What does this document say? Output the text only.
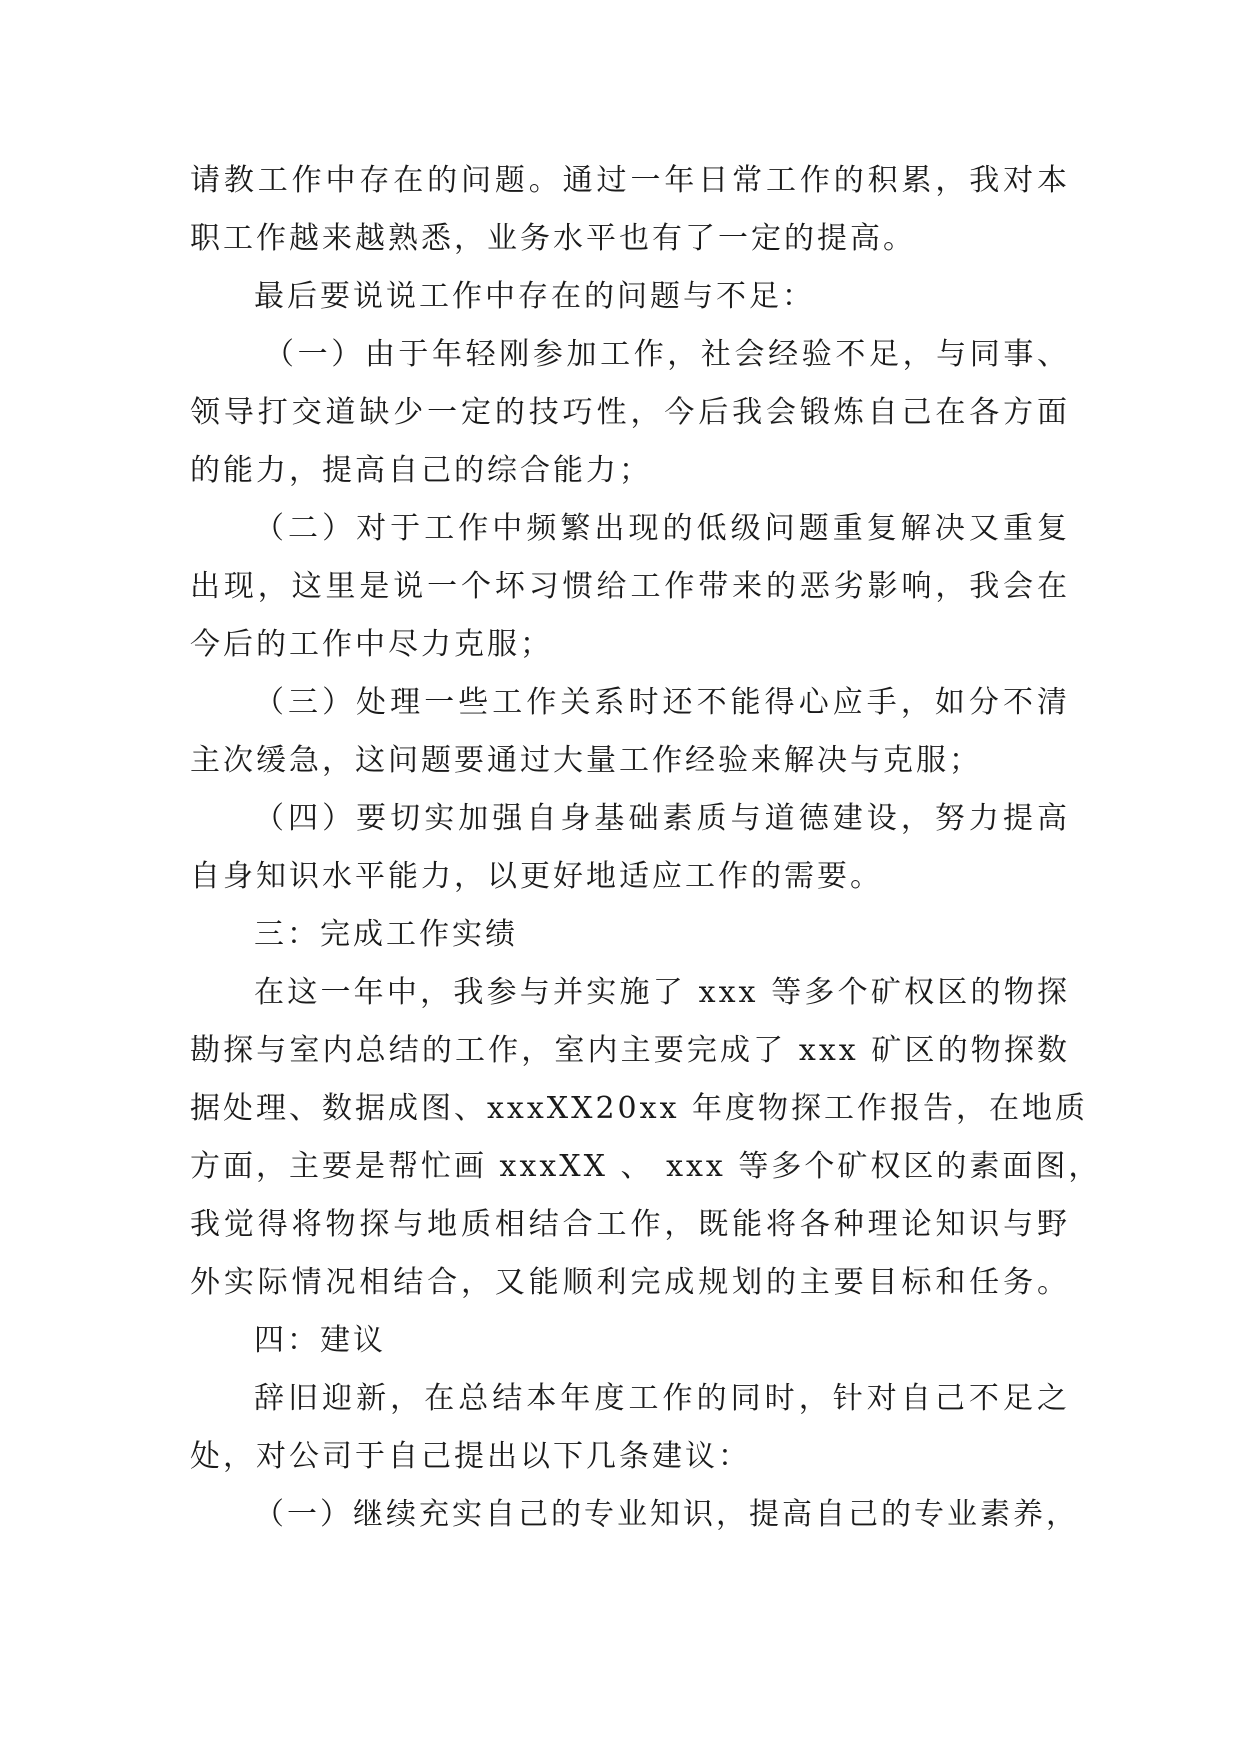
请教工作中存在的问题。通过一年日常工作的积累，我对本
职工作越来越熟悉，业务水平也有了一定的提高。
最后要说说工作中存在的问题与不足：
（一）由于年轻刚参加工作，社会经验不足，与同事、
领导打交道缺少一定的技巧性，今后我会锻炼自己在各方面
的能力，提高自己的综合能力；
（二）对于工作中频繁出现的低级问题重复解决又重复
出现，这里是说一个坏习惯给工作带来的恶劣影响，我会在
今后的工作中尽力克服；
（三）处理一些工作关系时还不能得心应手，如分不清
主次缓急，这问题要通过大量工作经验来解决与克服；
（四）要切实加强自身基础素质与道德建设，努力提高
自身知识水平能力，以更好地适应工作的需要。
三：完成工作实绩
在这一年中，我参与并实施了 xxx 等多个矿权区的物探
勘探与室内总结的工作，室内主要完成了 xxx 矿区的物探数
据处理、数据成图、xxxXX20xx 年度物探工作报告，在地质
方面，主要是帮忙画 xxxXX 、 xxx 等多个矿权区的素面图，
我觉得将物探与地质相结合工作，既能将各种理论知识与野
外实际情况相结合，又能顺利完成规划的主要目标和任务。
四：建议
辞旧迎新，在总结本年度工作的同时，针对自己不足之
处，对公司于自己提出以下几条建议：
（一）继续充实自己的专业知识，提高自己的专业素养，
